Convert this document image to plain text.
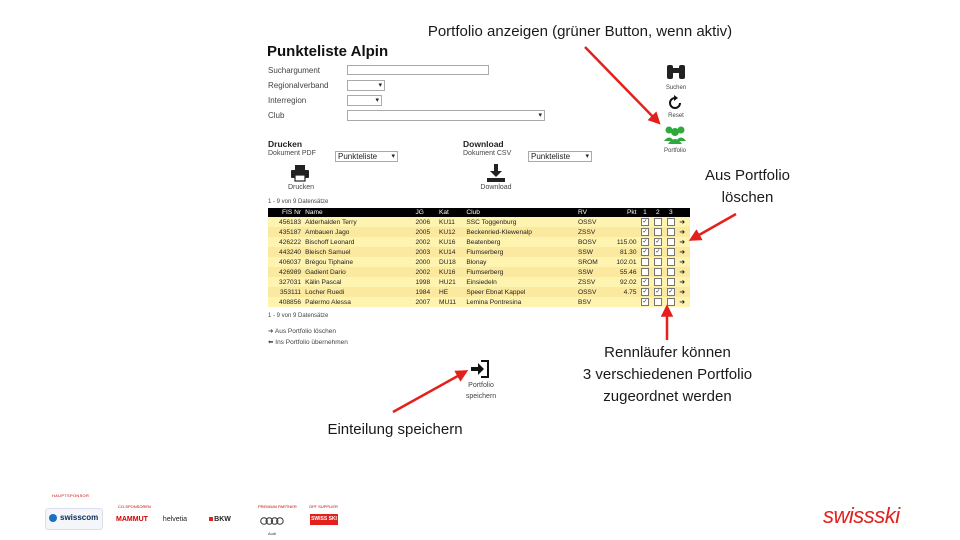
Punkteliste Alpin
Suchargument
Regionalverband	▾
Interregion	▾
Club	▾
Suchen
Reset
Portfolio
Drucken
Dokument PDF	Punkteliste ▾
Download
Dokument CSV	Punkteliste ▾
Drucken	Download
1 - 9 von 9 Datensätze
FIS Nr	Name	JG	Kat	Club	RV	Pkt	1	2	3	
456183	Alderhalden Terry	2006	KU11	SSC Toggenburg	OSSV		✓			➜
435187	Ambauen Jago	2005	KU12	Beckenried-Klewenalp	ZSSV		✓			➜
426222	Bischoff Leonard	2002	KU16	Beatenberg	BOSV	115.00	✓	✓		➜
443240	Bleisch Samuel	2003	KU14	Flumserberg	SSW	81.30	✓	✓		➜
406037	Brégou Tiphaine	2000	DU18	Blonay	SROM	102.01				➜
426989	Gadient Dario	2002	KU16	Flumserberg	SSW	55.46				➜
327031	Kälin Pascal	1998	HU21	Einsiedeln	ZSSV	92.02	✓			➜
353111	Locher Ruedi	1984	HE	Speer Ebnat Kappel	OSSV	4.75	✓	✓	✓	➜
408856	Palermo Alessa	2007	MU11	Lemina Pontresina	BSV		✓			➜
1 - 9 von 9 Datensätze
➜ Aus Portfolio löschen
⬅ Ins Portfolio übernehmen
Portfolio
speichern
Portfolio anzeigen (grüner Button, wenn aktiv)
Aus Portfolio
löschen
Rennläufer können
3 verschiedenen Portfolio
zugeordnet werden
Einteilung speichern
HAUPTSPONSOR
swisscom
CO-SPONSOREN
MAMMUT	helvetia	BKW
PREMIUM PARTNER
Audi
OFF SUPPLIER
SWISS SKI	swissski
